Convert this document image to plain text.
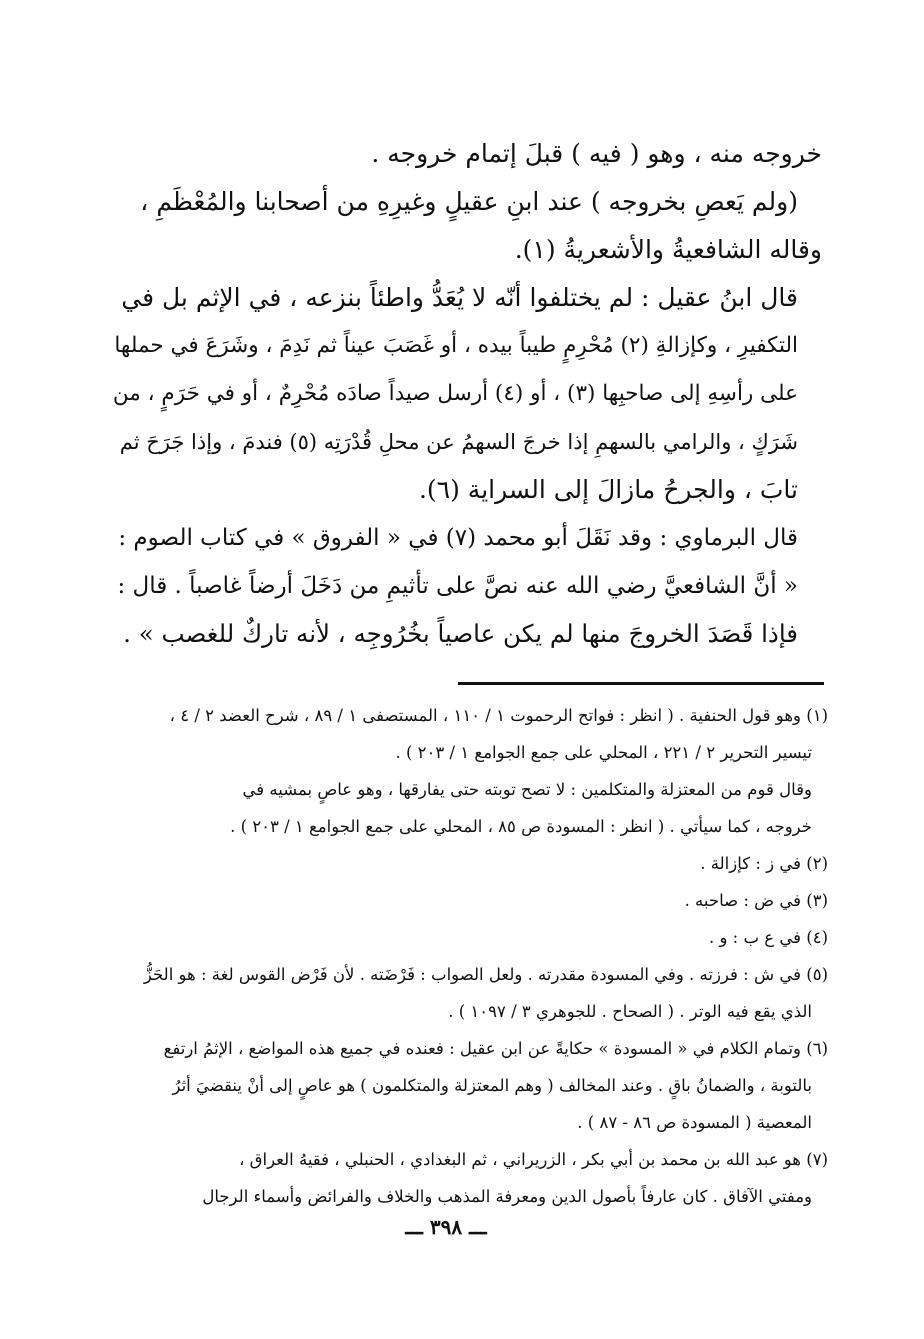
خروجه منه ، وهو ( فيه ) قبلَ إتمام خروجه .

(ولم يَعصِ بخروجه ) عند ابنِ عقيلٍ وغيرِهِ من أصحابنا والمُعْظَمِ ،
وقاله الشافعيةُ والأشعريةُ (١).

قال ابنُ عقيل : لم يختلفوا أنّه لا يُعَدُّ واطئاً بنزعه ، في الإثم بل في
التكفيرِ ، وكإزالةِ (٢) مُحْرِمٍ طيباً بيده ، أو غَصَبَ عيناً ثم نَدِمَ ، وشَرَعَ في حملها
على رأسِهِ إلى صاحبِها (٣) ، أو (٤) أرسل صيداً صادَه مُحْرِمٌ ، أو في حَرَمٍ ، من
شَرَكٍ ، والرامي بالسهمِ إذا خرجَ السهمُ عن محلِ قُدْرَتِه (٥) فندمَ ، وإذا جَرَحَ ثم
تابَ ، والجرحُ مازالَ إلى السراية (٦).

قال البرماوي : وقد نَقَلَ أبو محمد (٧) في « الفروق » في كتاب الصوم :
« أنَّ الشافعيَّ رضي الله عنه نصَّ على تأثيمِ من دَخَلَ أرضاً غاصباً . قال :
فإذا قَصَدَ الخروجَ منها لم يكن عاصياً بخُرُوجِه ، لأنه تاركٌ للغصب » .

(١) وهو قول الحنفية . ( انظر : فواتح الرحموت ١ / ١١٠ ، المستصفى ١ / ٨٩ ، شرح العضد ٢ / ٤ ،
تيسير التحرير ٢ / ٢٢١ ، المحلي على جمع الجوامع ١ / ٢٠٣ ) .
وقال قوم من المعتزلة والمتكلمين : لا تصح توبته حتى يفارقها ، وهو عاصٍ بمشيه في
خروجه ، كما سيأتي . ( انظر : المسودة ص ٨٥ ، المحلي على جمع الجوامع ١ / ٢٠٣ ) .
(٢) في ز : كإزالة .
(٣) في ض : صاحبه .
(٤) في ع ب : و .
(٥) في ش : فرزته . وفي المسودة مقدرته . ولعل الصواب : فَرْضَته . لأن فَرْض القوس لغة : هو الحَزُّ
الذي يقع فيه الوتر . ( الصحاح . للجوهري ٣ / ١٠٩٧ ) .
(٦) وتمام الكلام في « المسودة » حكايةً عن ابن عقيل : فعنده في جميع هذه المواضع ، الإثمُ ارتفع
بالتوبة ، والضمانُ باقٍ . وعند المخالف ( وهم المعتزلة والمتكلمون ) هو عاصٍ إلى أنْ ينقضيَ أثرُ
المعصية ( المسودة ص ٨٦ - ٨٧ ) .
(٧) هو عبد الله بن محمد بن أبي بكر ، الزريراني ، ثم البغدادي ، الحنبلي ، فقيهُ العراق ،
ومفتي الآفاق . كان عارفاً بأصول الدين ومعرفة المذهب والخلاف والفرائض وأسماء الرجال
ـــ ٣٩٨ ـــ
